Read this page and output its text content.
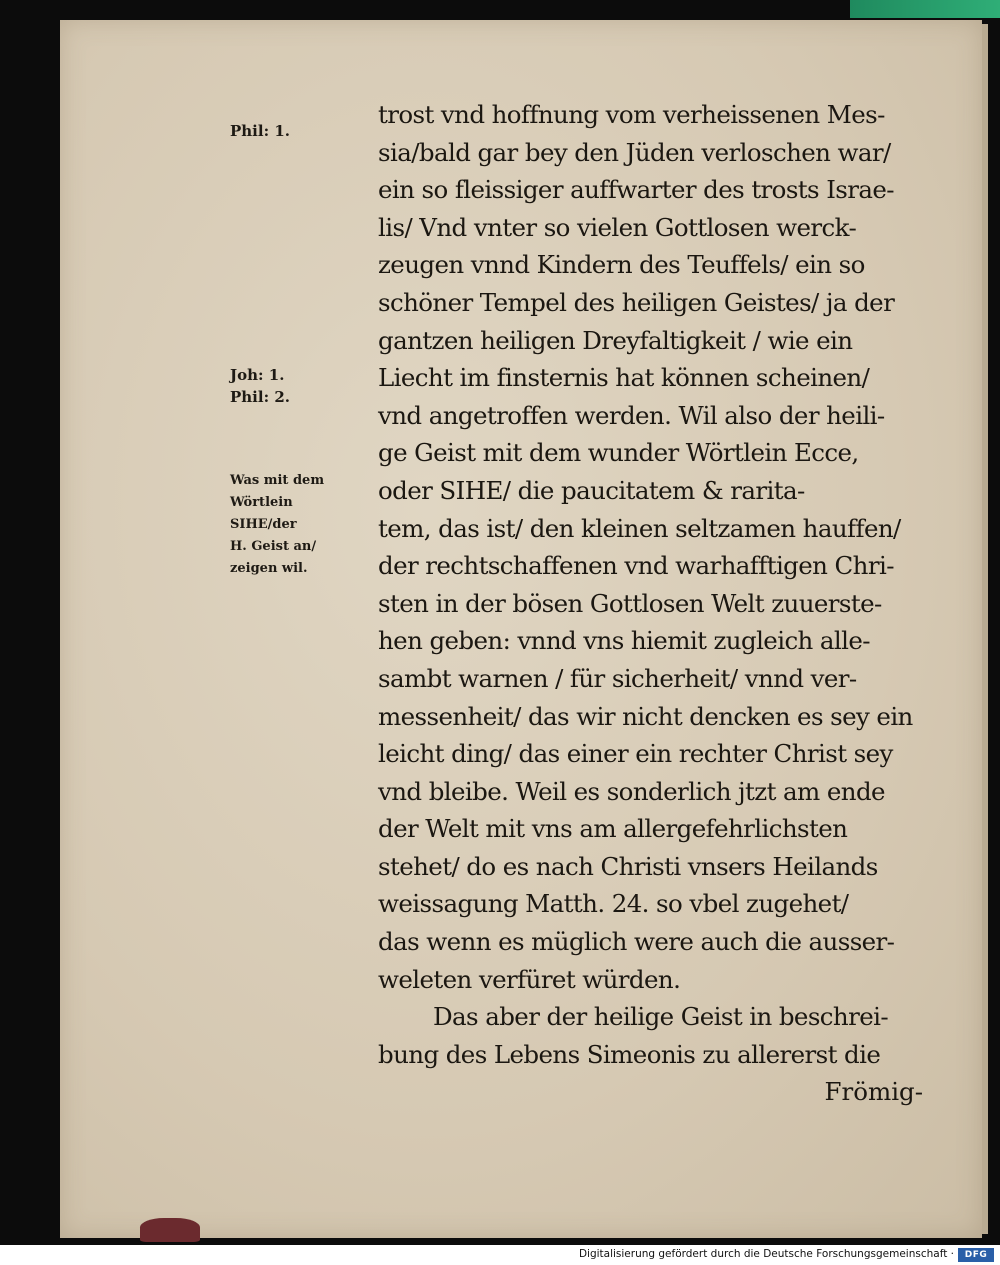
Phil: 1.
Joh: 1.
Phil: 2.
Was mit dem
Wörtlein
SIHE/der
H. Geist an/
zeigen wil.
trost vnd hoffnung vom verheissenen Mes-
sia/bald gar bey den Jüden verloschen war/
ein so fleissiger auffwarter des trosts Israe-
lis/ Vnd vnter so vielen Gottlosen werck-
zeugen vnnd Kindern des Teuffels/ ein so
schöner Tempel des heiligen Geistes/ ja der
gantzen heiligen Dreyfaltigkeit / wie ein
Liecht im finsternis hat können scheinen/
vnd angetroffen werden. Wil also der heili-
ge Geist mit dem wunder Wörtlein Ecce,
oder SIHE/ die paucitatem & rarita-
tem, das ist/ den kleinen seltzamen hauffen/
der rechtschaffenen vnd warhafftigen Chri-
sten in der bösen Gottlosen Welt zuuerste-
hen geben: vnnd vns hiemit zugleich alle-
sambt warnen / für sicherheit/ vnnd ver-
messenheit/ das wir nicht dencken es sey ein
leicht ding/ das einer ein rechter Christ sey
vnd bleibe. Weil es sonderlich jtzt am ende
der Welt mit vns am allergefehrlichsten
stehet/ do es nach Christi vnsers Heilands
weissagung Matth. 24. so vbel zugehet/
das wenn es müglich were auch die ausser-
weleten verfüret würden.
Das aber der heilige Geist in beschrei-
bung des Lebens Simeonis zu allererst die
Frömig-
Digitalisierung gefördert durch die Deutsche Forschungsgemeinschaft ·	DFG
